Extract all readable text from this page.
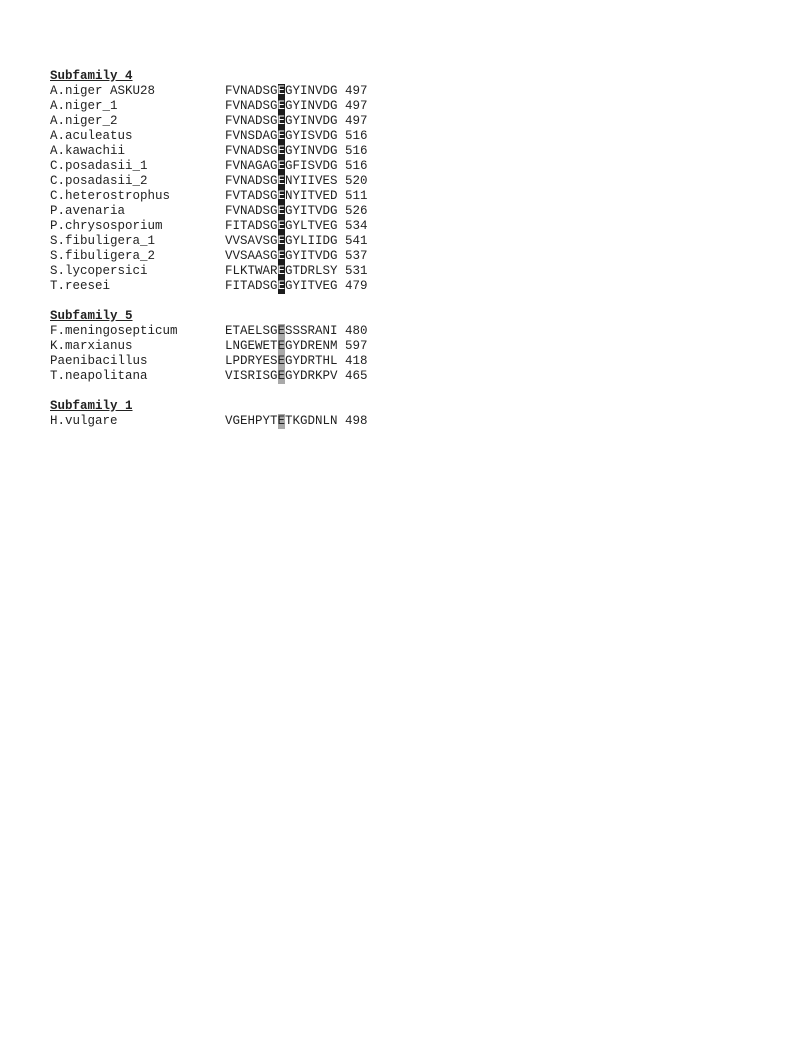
Subfamily 4
A.niger ASKU28	FVNADSG E GYINVDG 497
A.niger_1	FVNADSG E GYINVDG 497
A.niger_2	FVNADSG E GYINVDG 497
A.aculeatus	FVNSDAG E GYISVDG 516
A.kawachii	FVNADSG E GYINVDG 516
C.posadasii_1	FVNAGAG E GFISVDG 516
C.posadasii_2	FVNADSG E NYIIVES 520
C.heterostrophus	FVTADSG E NYITVED 511
P.avenaria	FVNADSG E GYITVDG 526
P.chrysosporium	FITADSG E GYLTVEG 534
S.fibuligera_1	VVSAVSG E GYLIIDG 541
S.fibuligera_2	VVSAASG E GYITVDG 537
S.lycopersici	FLKTWAR E GTDRLSY 531
T.reesei	FITADSG E GYITVEG 479
Subfamily 5
F.meningosepticum	ETAELSG E SSSRANI 480
K.marxianus	LNGEWET E GYDRENM 597
Paenibacillus	LPDRYES E GYDRTHL 418
T.neapolitana	VISRISG E GYDRKPV 465
Subfamily 1
H.vulgare	VGEHPYT E TKGDNLN 498
